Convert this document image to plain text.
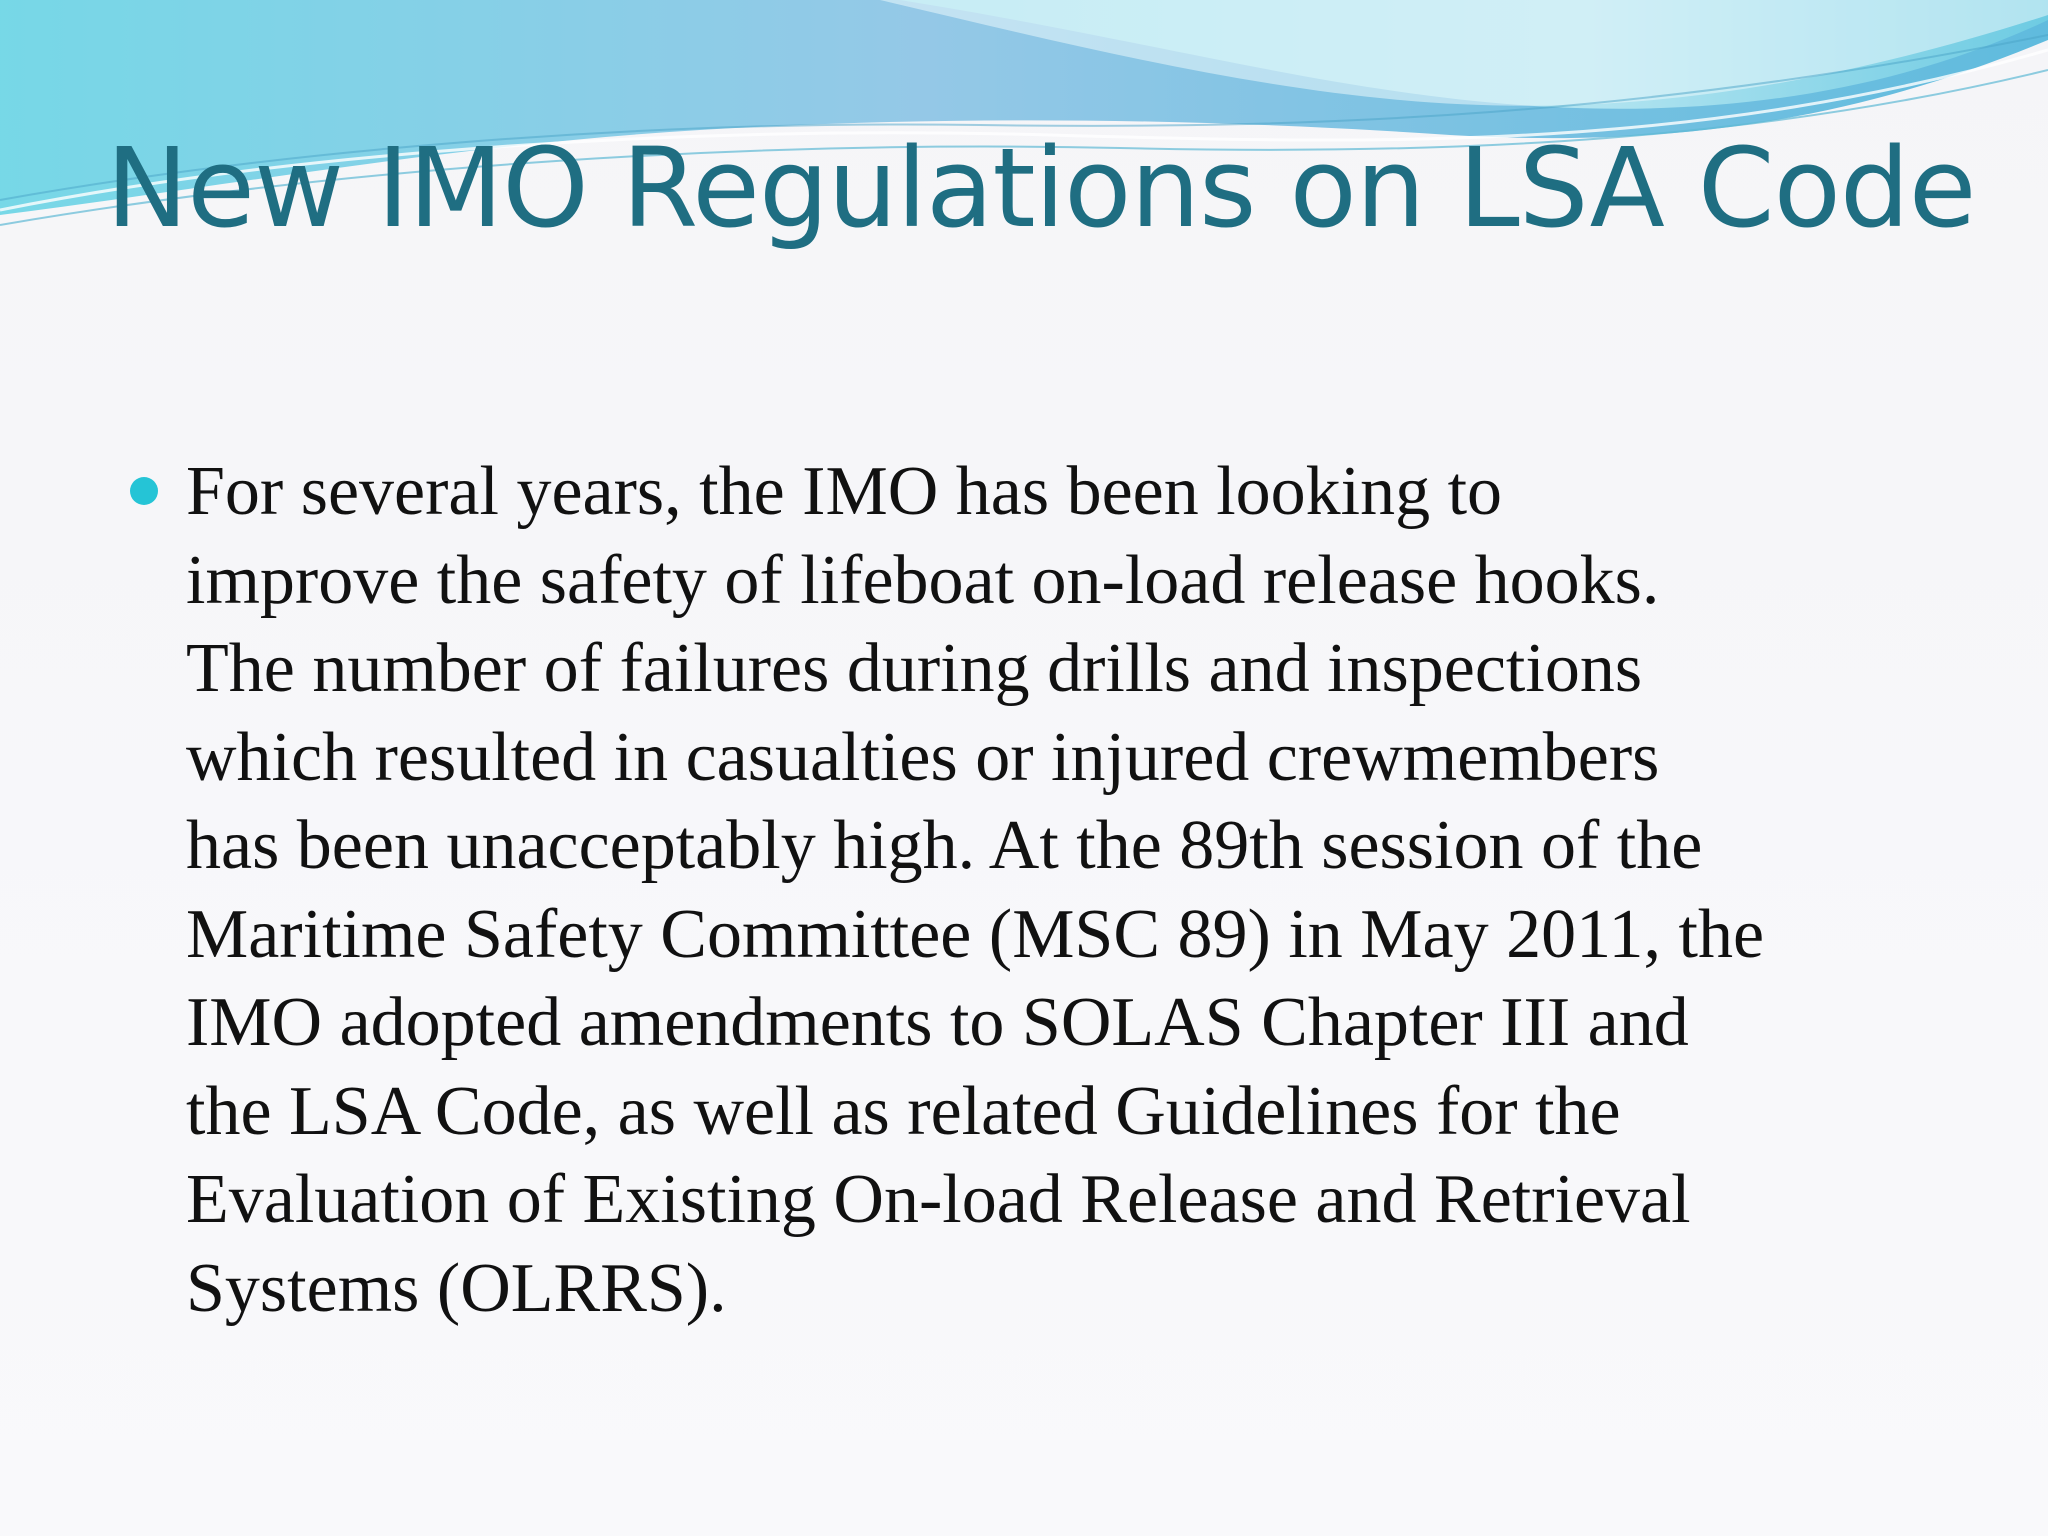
New IMO Regulations on LSA Code
For several years, the IMO has been looking to
improve the safety of lifeboat on-load release hooks.
The number of failures during drills and inspections
which resulted in casualties or injured crewmembers
has been unacceptably high. At the 89th session of the
Maritime Safety Committee (MSC 89) in May 2011, the
IMO adopted amendments to SOLAS Chapter III and
the LSA Code, as well as related Guidelines for the
Evaluation of Existing On-load Release and Retrieval
Systems (OLRRS).
